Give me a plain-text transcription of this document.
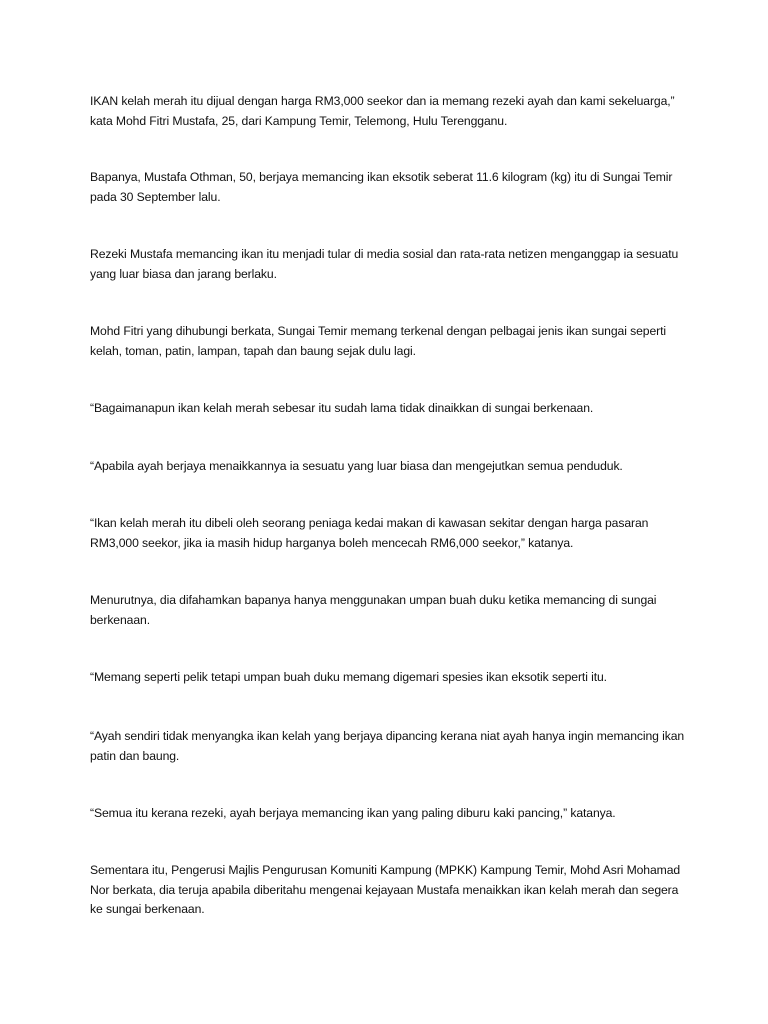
IKAN kelah merah itu dijual dengan harga RM3,000 seekor dan ia memang rezeki ayah dan kami sekeluarga,” kata Mohd Fitri Mustafa, 25, dari Kampung Temir, Telemong, Hulu Terengganu.

Bapanya, Mustafa Othman, 50, berjaya memancing ikan eksotik seberat 11.6 kilogram (kg) itu di Sungai Temir pada 30 September lalu.

Rezeki Mustafa memancing ikan itu menjadi tular di media sosial dan rata-rata netizen menganggap ia sesuatu yang luar biasa dan jarang berlaku.

Mohd Fitri yang dihubungi berkata, Sungai Temir memang terkenal dengan pelbagai jenis ikan sungai seperti kelah, toman, patin, lampan, tapah dan baung sejak dulu lagi.

“Bagaimanapun ikan kelah merah sebesar itu sudah lama tidak dinaikkan di sungai berkenaan.

“Apabila ayah berjaya menaikkannya ia sesuatu yang luar biasa dan mengejutkan semua penduduk.

“Ikan kelah merah itu dibeli oleh seorang peniaga kedai makan di kawasan sekitar dengan harga pasaran RM3,000 seekor, jika ia masih hidup harganya boleh mencecah RM6,000 seekor,” katanya.

Menurutnya, dia difahamkan bapanya hanya menggunakan umpan buah duku ketika memancing di sungai berkenaan.

“Memang seperti pelik tetapi umpan buah duku memang digemari spesies ikan eksotik seperti itu.

“Ayah sendiri tidak menyangka ikan kelah yang berjaya dipancing kerana niat ayah hanya ingin memancing ikan patin dan baung.

“Semua itu kerana rezeki, ayah berjaya memancing ikan yang paling diburu kaki pancing,” katanya.

Sementara itu, Pengerusi Majlis Pengurusan Komuniti Kampung (MPKK) Kampung Temir, Mohd Asri Mohamad Nor berkata, dia teruja apabila diberitahu mengenai kejayaan Mustafa menaikkan ikan kelah merah dan segera ke sungai berkenaan.
